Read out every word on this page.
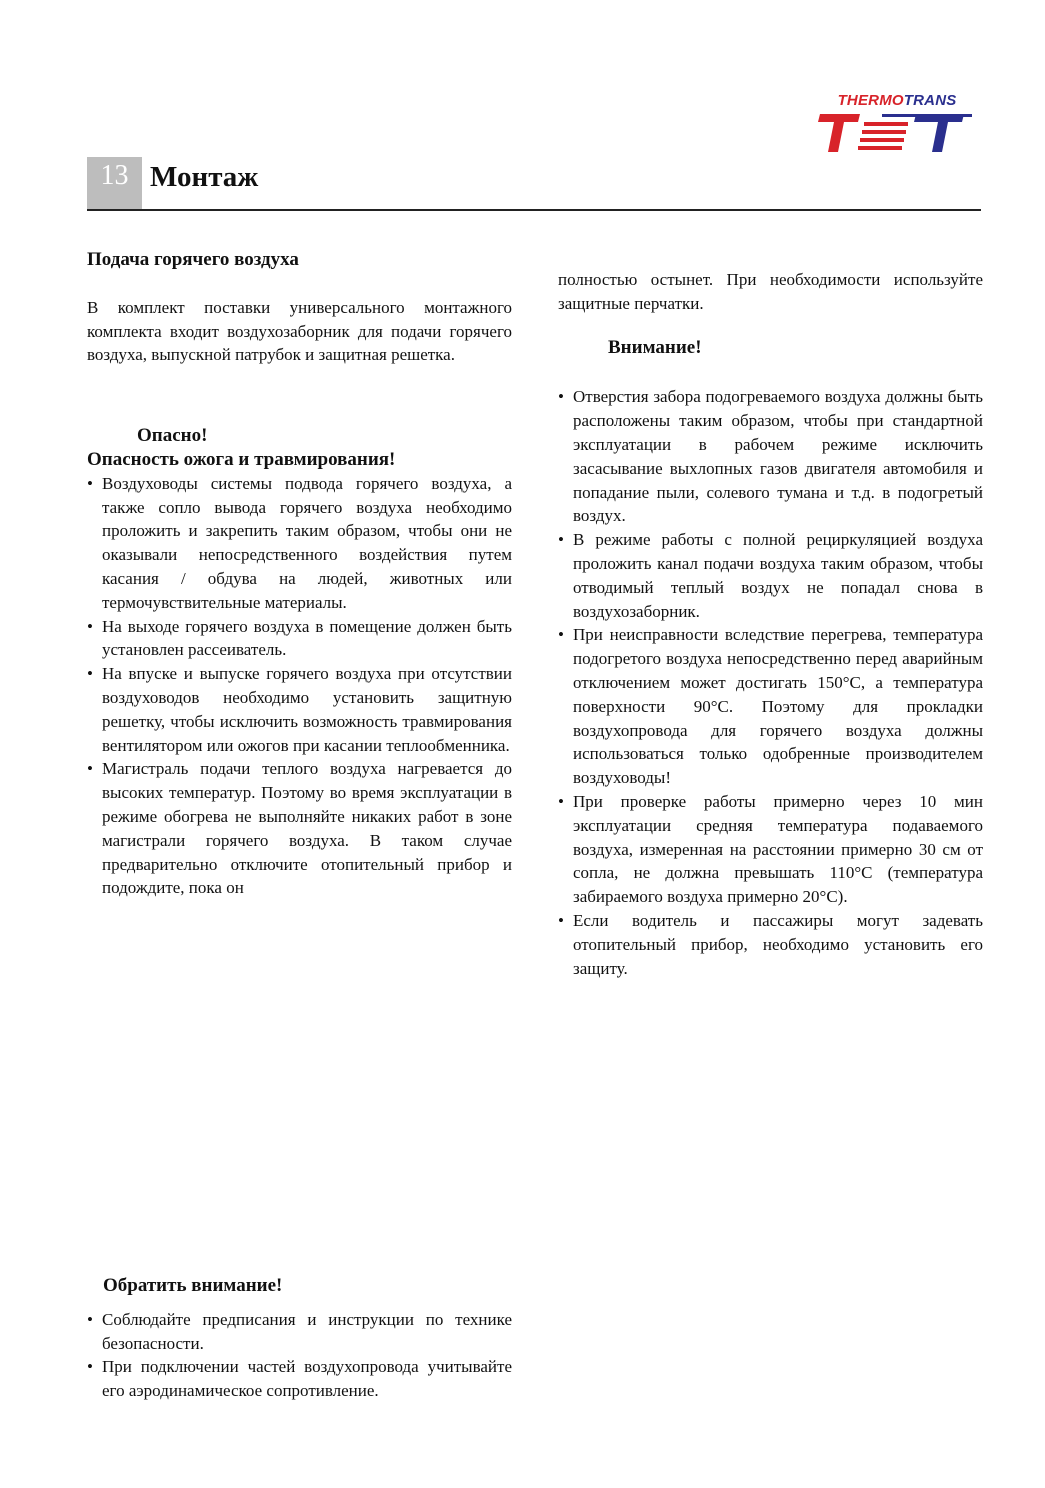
THERMOTRANS
13 Монтаж

Подача горячего воздуха

В комплект поставки универсального монтажного комплекта входит воздухозаборник для подачи горячего воздуха, выпускной патрубок и защитная решетка.

Опасно!

Опасность ожога и травмирования!

• Воздуховоды системы подвода горячего воздуха, а также сопло вывода горячего воздуха необходимо проложить и закрепить таким образом, чтобы они не оказывали непосредственного воздействия путем касания / обдува на людей, животных или термочувствительные материалы.
• На выходе горячего воздуха в помещение должен быть установлен рассеиватель.
• На впуске и выпуске горячего воздуха при отсутствии воздуховодов необходимо установить защитную решетку, чтобы исключить возможность травмирования вентилятором или ожогов при касании теплообменника.
• Магистраль подачи теплого воздуха нагревается до высоких температур. Поэтому во время эксплуатации в режиме обогрева не выполняйте никаких работ в зоне магистрали горячего воздуха. В таком случае предварительно отключите отопительный прибор и подождите, пока он

Обратить внимание!

• Соблюдайте предписания и инструкции по технике безопасности.
• При подключении частей воздухопровода учитывайте его аэродинамическое сопротивление.

полностью остынет. При необходимости используйте защитные перчатки.

Внимание!

• Отверстия забора подогреваемого воздуха должны быть расположены таким образом, чтобы при стандартной эксплуатации в рабочем режиме исключить засасывание выхлопных газов двигателя автомобиля и попадание пыли, солевого тумана и т.д. в подогретый воздух.
• В режиме работы с полной рециркуляцией воздуха проложить канал подачи воздуха таким образом, чтобы отводимый теплый воздух не попадал снова в воздухозаборник.
• При неисправности вследствие перегрева, температура подогретого воздуха непосредственно перед аварийным отключением может достигать 150°C, а температура поверхности 90°C. Поэтому для прокладки воздухопровода для горячего воздуха должны использоваться только одобренные производителем воздуховоды!
• При проверке работы примерно через 10 мин эксплуатации средняя температура подаваемого воздуха, измеренная на расстоянии примерно 30 см от сопла, не должна превышать 110°C (температура забираемого воздуха примерно 20°C).
• Если водитель и пассажиры могут задевать отопительный прибор, необходимо установить его защиту.
